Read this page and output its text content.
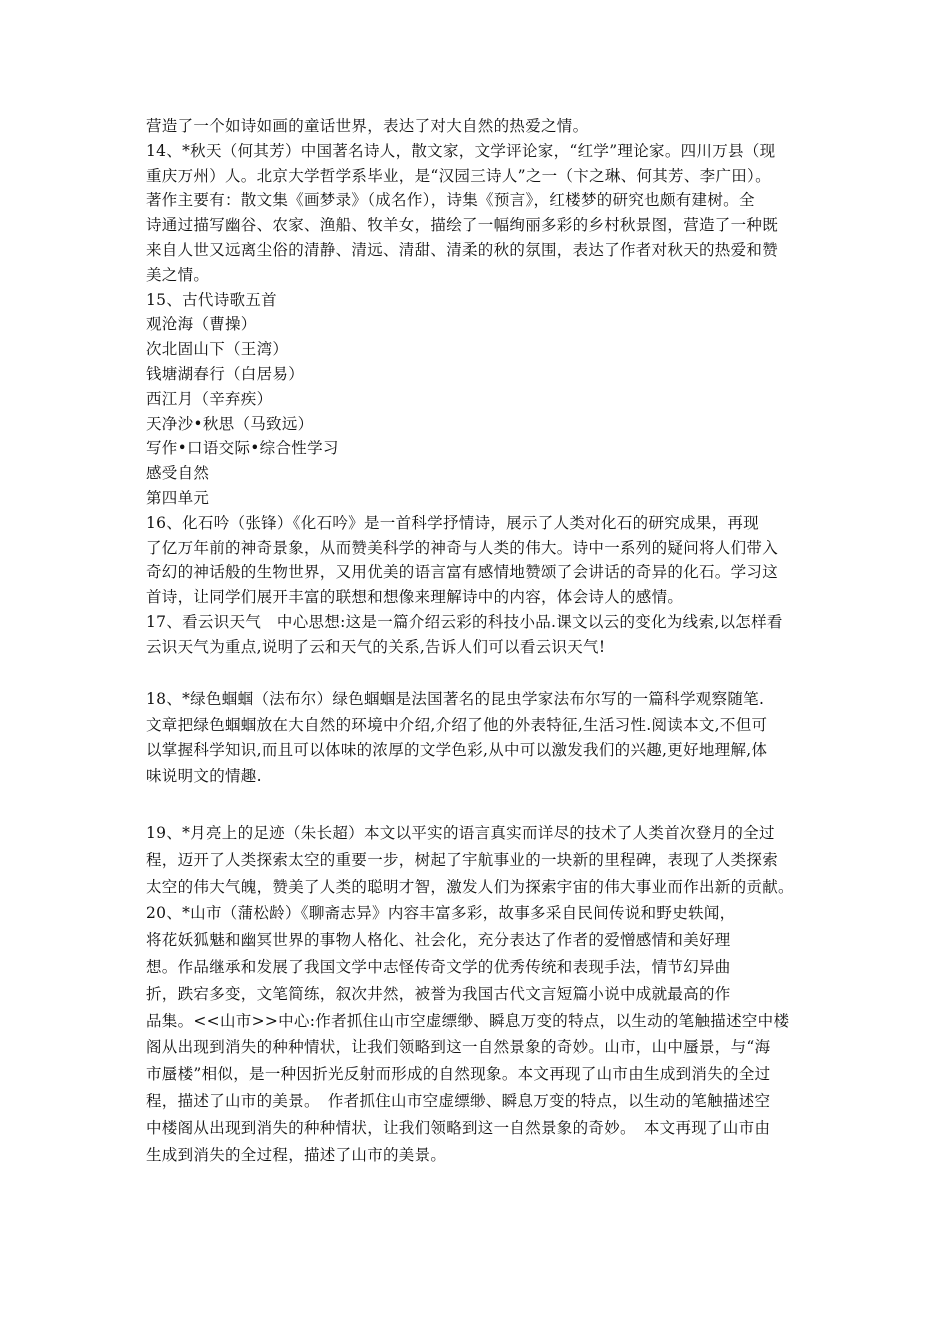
营造了一个如诗如画的童话世界，表达了对大自然的热爱之情。
14、*秋天（何其芳）中国著名诗人，散文家，文学评论家，“红学”理论家。四川万县（现
重庆万州）人。北京大学哲学系毕业，是“汉园三诗人”之一（卞之琳、何其芳、李广田）。
著作主要有：散文集《画梦录》（成名作），诗集《预言》，红楼梦的研究也颇有建树。全
诗通过描写幽谷、农家、渔船、牧羊女，描绘了一幅绚丽多彩的乡村秋景图，营造了一种既
来自人世又远离尘俗的清静、清远、清甜、清柔的秋的氛围，表达了作者对秋天的热爱和赞
美之情。
15、古代诗歌五首
观沧海（曹操）
次北固山下（王湾）
钱塘湖春行（白居易）
西江月（辛弃疾）
天净沙•秋思（马致远）
写作•口语交际•综合性学习
感受自然
第四单元
16、化石吟（张锋）《化石吟》是一首科学抒情诗，展示了人类对化石的研究成果，再现
了亿万年前的神奇景象，从而赞美科学的神奇与人类的伟大。诗中一系列的疑问将人们带入
奇幻的神话般的生物世界，又用优美的语言富有感情地赞颂了会讲话的奇异的化石。学习这
首诗，让同学们展开丰富的联想和想像来理解诗中的内容，体会诗人的感情。
17、看云识天气　中心思想:这是一篇介绍云彩的科技小品.课文以云的变化为线索,以怎样看
云识天气为重点,说明了云和天气的关系,告诉人们可以看云识天气!
18、*绿色蝈蝈（法布尔）绿色蝈蝈是法国著名的昆虫学家法布尔写的一篇科学观察随笔.
文章把绿色蝈蝈放在大自然的环境中介绍,介绍了他的外表特征,生活习性.阅读本文,不但可
以掌握科学知识,而且可以体味的浓厚的文学色彩,从中可以激发我们的兴趣,更好地理解,体
味说明文的情趣.
19、*月亮上的足迹（朱长超）本文以平实的语言真实而详尽的技术了人类首次登月的全过
程，迈开了人类探索太空的重要一步，树起了宇航事业的一块新的里程碑，表现了人类探索
太空的伟大气魄，赞美了人类的聪明才智，激发人们为探索宇宙的伟大事业而作出新的贡献。
20、*山市（蒲松龄）《聊斋志异》内容丰富多彩，故事多采自民间传说和野史轶闻，
将花妖狐魅和幽冥世界的事物人格化、社会化，充分表达了作者的爱憎感情和美好理
想。作品继承和发展了我国文学中志怪传奇文学的优秀传统和表现手法，情节幻异曲
折，跌宕多变，文笔简练，叙次井然，被誉为我国古代文言短篇小说中成就最高的作
品集。<<山市>>中心:作者抓住山市空虚缥缈、瞬息万变的特点，以生动的笔触描述空中楼
阁从出现到消失的种种情状，让我们领略到这一自然景象的奇妙。山市，山中蜃景，与“海
市蜃楼”相似，是一种因折光反射而形成的自然现象。本文再现了山市由生成到消失的全过
程，描述了山市的美景。　作者抓住山市空虚缥缈、瞬息万变的特点，以生动的笔触描述空
中楼阁从出现到消失的种种情状，让我们领略到这一自然景象的奇妙。　本文再现了山市由
生成到消失的全过程，描述了山市的美景。
